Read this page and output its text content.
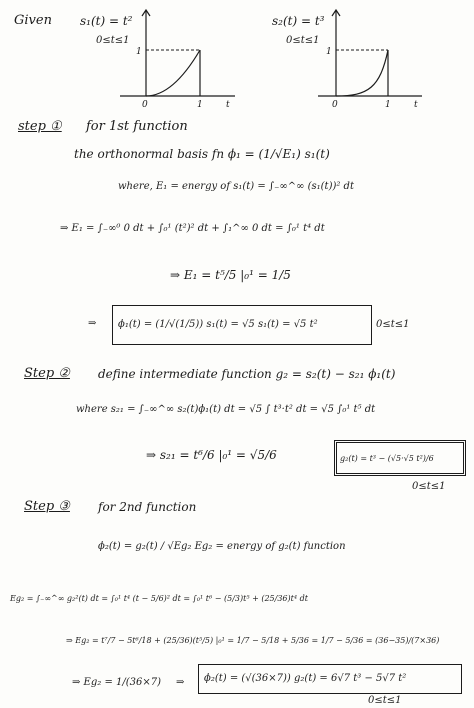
Given s₁(t) = t²
0≤t≤1
s₂(t) = t³
0≤t≤1
1
0	1	t
1
0	1	t
step ① for 1st function
the orthonormal basis fn ϕ₁ = (1/√E₁) s₁(t)
where, E₁ = energy of s₁(t) = ∫₋∞^∞ (s₁(t))² dt
⇒ E₁ = ∫₋∞⁰ 0 dt + ∫₀¹ (t²)² dt + ∫₁^∞ 0 dt = ∫₀¹ t⁴ dt
⇒ E₁ = t⁵/5 |₀¹ = 1/5
⇒ ϕ₁(t) = (1/√(1/5)) s₁(t) = √5 s₁(t) = √5 t²	0≤t≤1
Step ② define intermediate function g₂ = s₂(t) − s₂₁ ϕ₁(t)
where s₂₁ = ∫₋∞^∞ s₂(t)ϕ₁(t) dt = √5 ∫ t³·t² dt = √5 ∫₀¹ t⁵ dt
⇒ s₂₁ = t⁶/6 |₀¹ = √5/6	g₂(t) = t³ − (√5·√5 t²)/6
0≤t≤1
Step ③ for 2nd function
ϕ₂(t) = g₂(t) / √Eg₂ Eg₂ = energy of g₂(t) function
Eg₂ = ∫₋∞^∞ g₂²(t) dt = ∫₀¹ t⁴ (t − 5/6)² dt = ∫₀¹ t⁶ − (5/3)t⁵ + (25/36)t⁴ dt
⇒ Eg₂ = t⁷/7 − 5t⁶/18 + (25/36)(t⁵/5) |₀¹ = 1/7 − 5/18 + 5/36 = 1/7 − 5/36 = (36−35)/(7×36)
⇒ Eg₂ = 1/(36×7) ⇒ ϕ₂(t) = (√(36×7)) g₂(t) = 6√7 t³ − 5√7 t²
0≤t≤1
